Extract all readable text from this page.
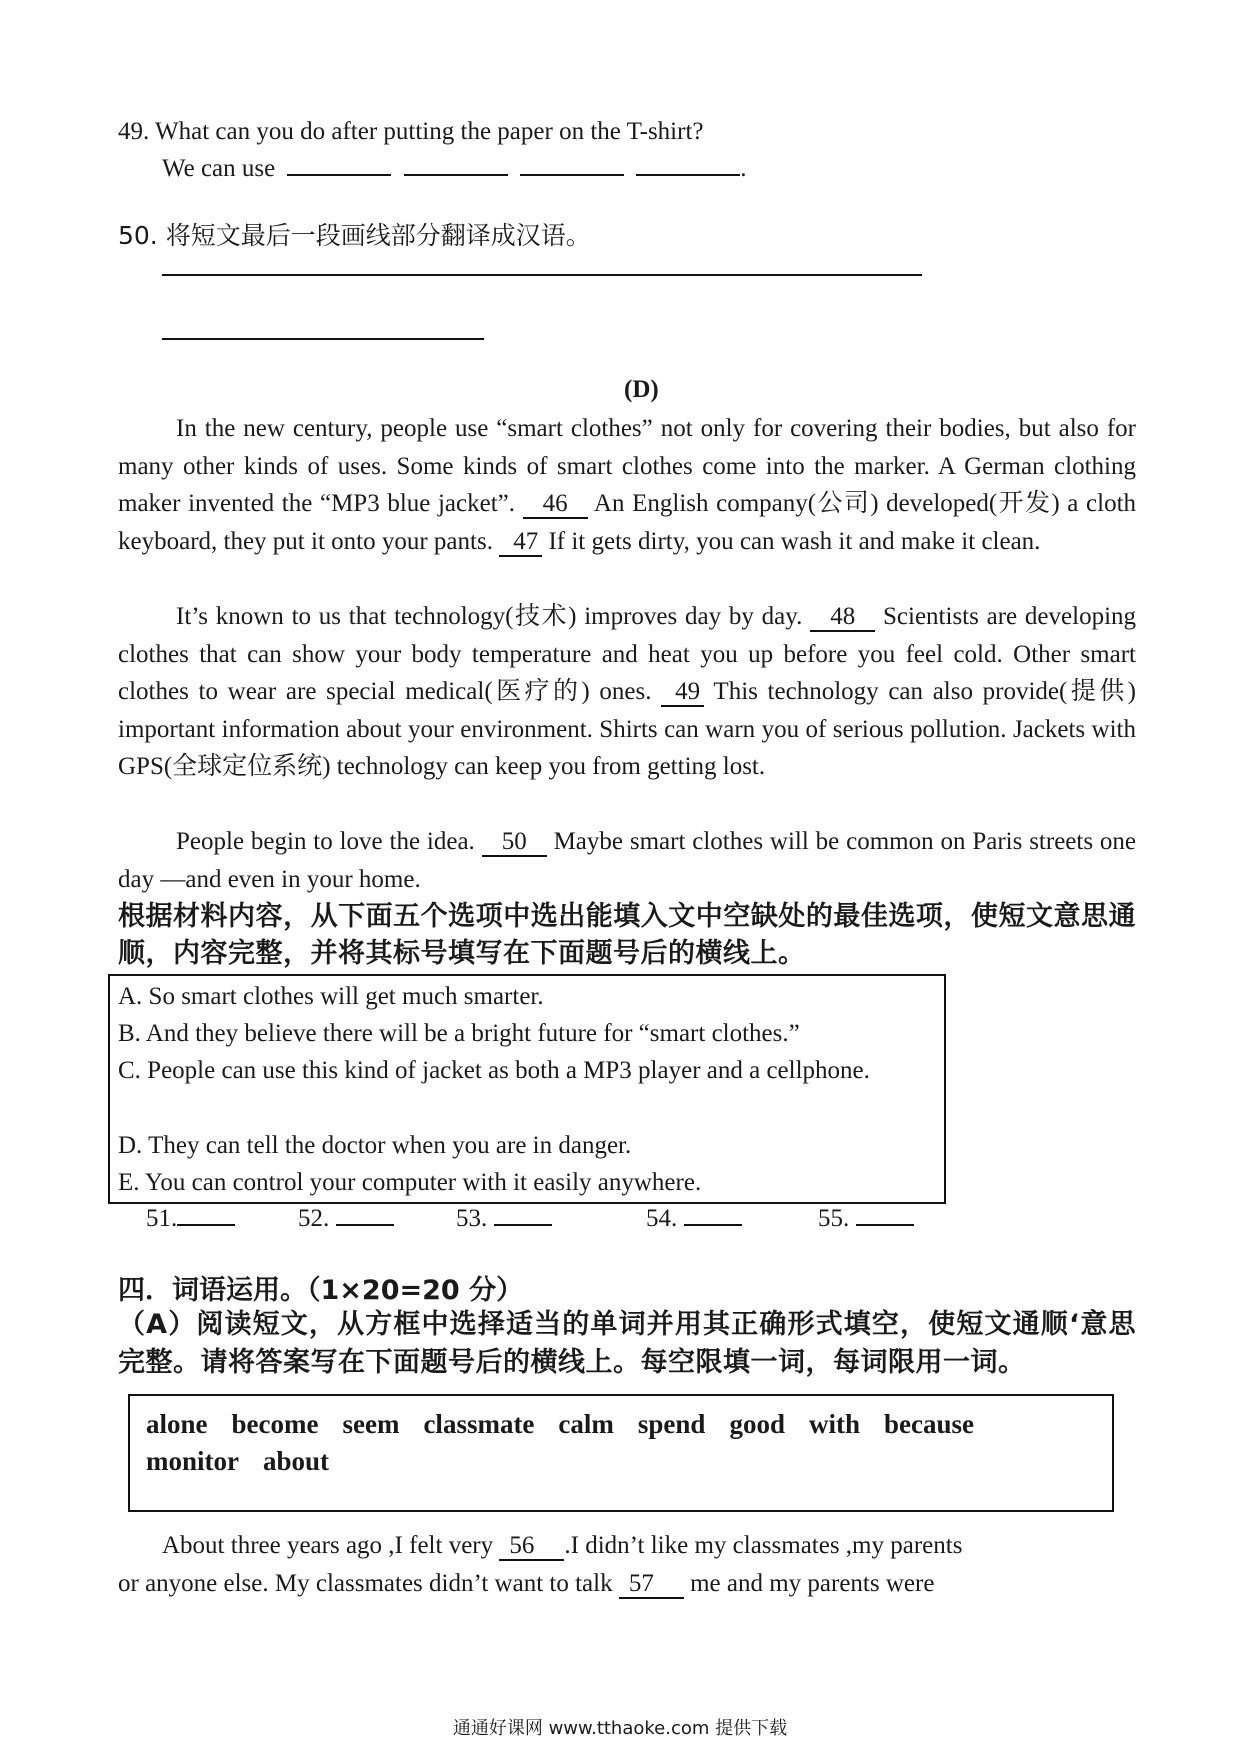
49. What can you do after putting the paper on the T-shirt?
We can use	.
50. 将短文最后一段画线部分翻译成汉语。
(D)
In the new century, people use “smart clothes” not only for covering their bodies, but also for many other kinds of uses. Some kinds of smart clothes come into the marker. A German clothing maker invented the “MP3 blue jacket”. 46 An English company(公司) developed(开发) a cloth keyboard, they put it onto your pants. 47 If it gets dirty, you can wash it and make it clean.
It’s known to us that technology(技术) improves day by day. 48 Scientists are developing clothes that can show your body temperature and heat you up before you feel cold. Other smart clothes to wear are special medical(医疗的) ones. 49 This technology can also provide(提供) important information about your environment. Shirts can warn you of serious pollution. Jackets with GPS(全球定位系统) technology can keep you from getting lost.
People begin to love the idea. 50 Maybe smart clothes will be common on Paris streets one day —and even in your home.
根据材料内容，从下面五个选项中选出能填入文中空缺处的最佳选项，使短文意思通顺，内容完整，并将其标号填写在下面题号后的横线上。
A. So smart clothes will get much smarter.
B. And they believe there will be a bright future for “smart clothes.”
C. People can use this kind of jacket as both a MP3 player and a cellphone.
D. They can tell the doctor when you are in danger.
E. You can control your computer with it easily anywhere.
51.	52.	53.	54.	55.
四．词语运用。（1×20=20 分）
（A）阅读短文，从方框中选择适当的单词并用其正确形式填空，使短文通顺‘意思完整。请将答案写在下面题号后的横线上。每空限填一词，每词限用一词。
alone become seem classmate calm spend good with because
monitor about
About three years ago ,I felt very 56 .I didn’t like my classmates ,my parents
or anyone else. My classmates didn’t want to talk 57 me and my parents were
通通好课网 www.tthaoke.com 提供下载
